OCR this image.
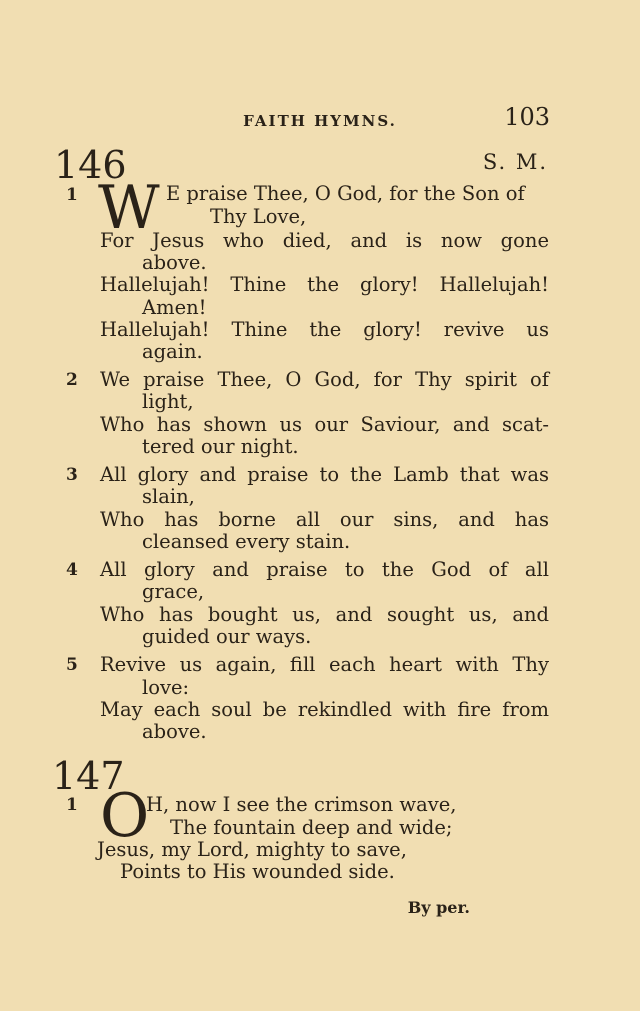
FAITH HYMNS.	103
146	S. M.
1 W E praise Thee, O God, for the Son of
Thy Love,
For Jesus who died, and is now gone
above.
Hallelujah! Thine the glory! Hallelujah!
Amen!
Hallelujah! Thine the glory! revive us
again.
2 We praise Thee, O God, for Thy spirit of
light,
Who has shown us our Saviour, and scat-
tered our night.
3 All glory and praise to the Lamb that was
slain,
Who has borne all our sins, and has
cleansed every stain.
4 All glory and praise to the God of all
grace,
Who has bought us, and sought us, and
guided our ways.
5 Revive us again, fill each heart with Thy
love:
May each soul be rekindled with fire from
above.
147
1 O
H, now I see the crimson wave,
The fountain deep and wide;
Jesus, my Lord, mighty to save,
Points to His wounded side.
By per.
